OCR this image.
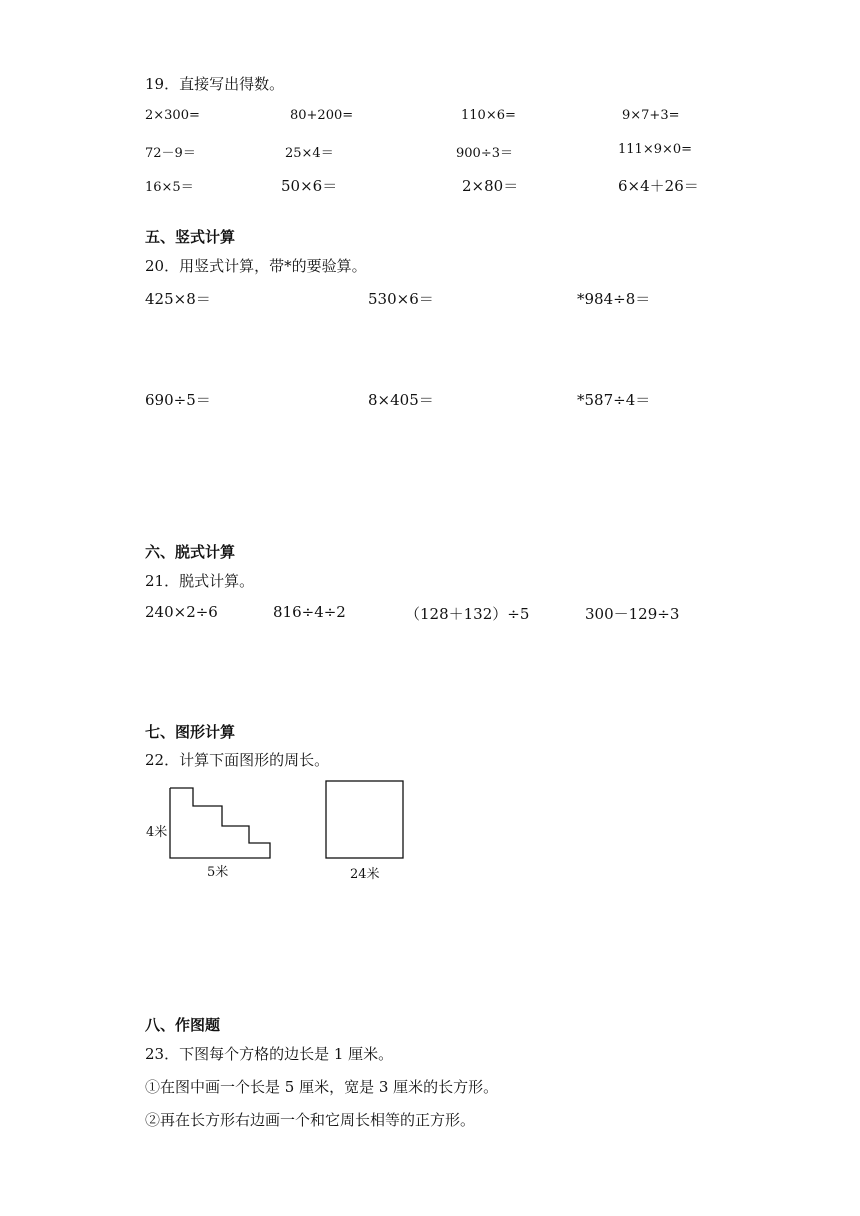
19．直接写出得数。
2×300=	80+200=	110×6=	9×7+3=
72－9＝	25×4＝	900÷3＝	111×9×0=
16×5＝	50×6＝	2×80＝	6×4＋26＝
五、竖式计算
20．用竖式计算，带*的要验算。
425×8＝	530×6＝	*984÷8＝
690÷5＝	8×405＝	*587÷4＝
六、脱式计算
21．脱式计算。
240×2÷6	816÷4÷2	（128＋132）÷5	300－129÷3
七、图形计算
22．计算下面图形的周长。
4米
5米	24米
八、作图题
23．下图每个方格的边长是 1 厘米。
①在图中画一个长是 5 厘米，宽是 3 厘米的长方形。
②再在长方形右边画一个和它周长相等的正方形。
